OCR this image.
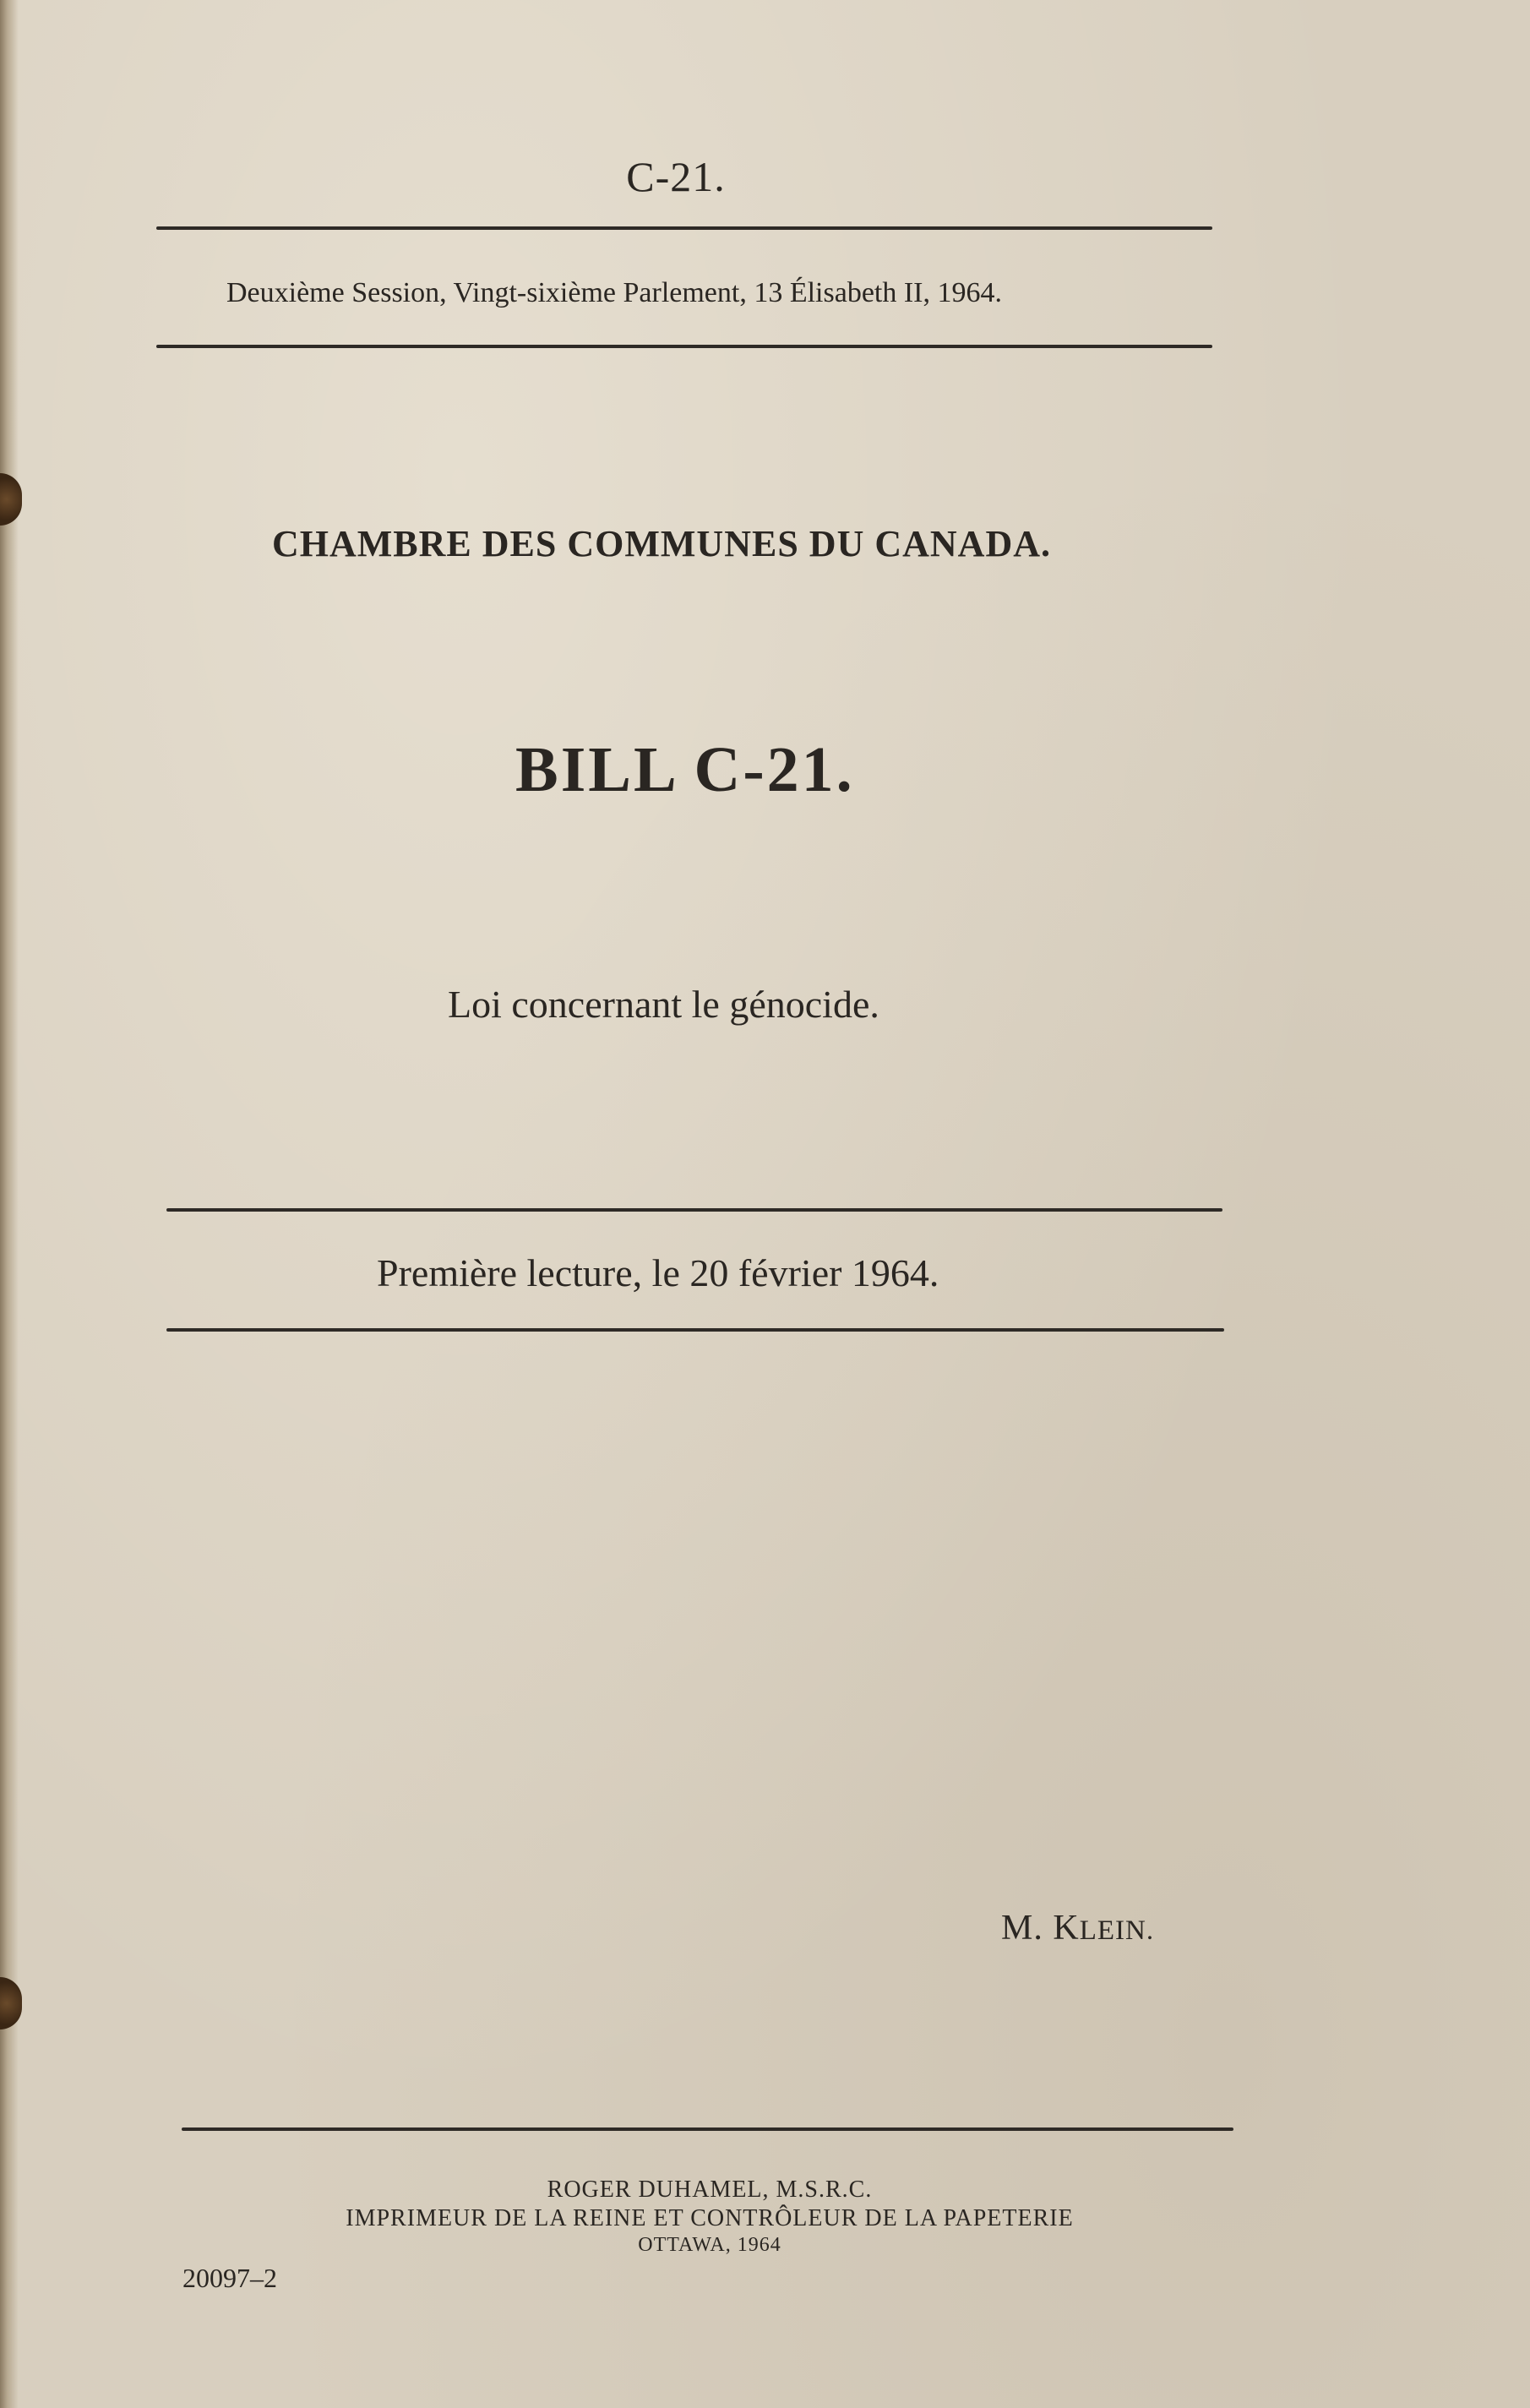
C-21.
Deuxième Session, Vingt-sixième Parlement, 13 Élisabeth II, 1964.
CHAMBRE DES COMMUNES DU CANADA.
BILL C-21.
Loi concernant le génocide.
Première lecture, le 20 février 1964.
M. KLEIN.
ROGER DUHAMEL, M.S.R.C.
IMPRIMEUR DE LA REINE ET CONTRÔLEUR DE LA PAPETERIE
OTTAWA, 1964
20097–2
